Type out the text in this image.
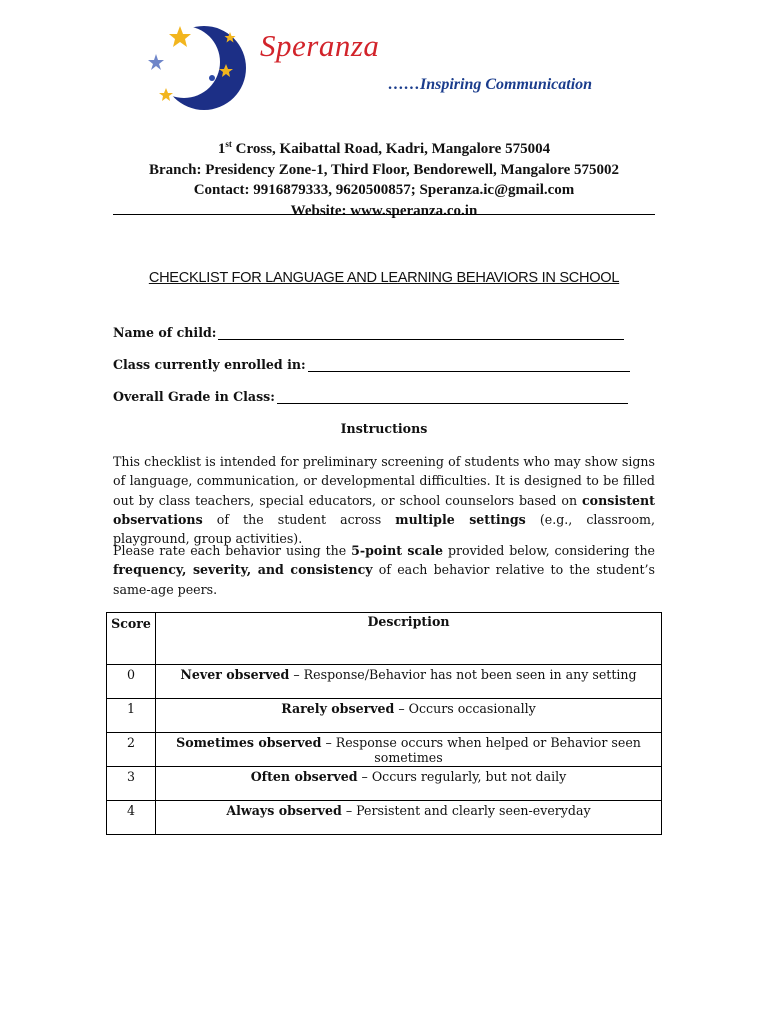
Speranza
……Inspiring Communication
1st Cross, Kaibattal Road, Kadri, Mangalore 575004
Branch: Presidency Zone-1, Third Floor, Bendorewell, Mangalore 575002
Contact: 9916879333, 9620500857; Speranza.ic@gmail.com
Website: www.speranza.co.in
CHECKLIST FOR LANGUAGE AND LEARNING BEHAVIORS IN SCHOOL
Name of child:
Class currently enrolled in:
Overall Grade in Class:
Instructions
This checklist is intended for preliminary screening of students who may show signs of language, communication, or developmental difficulties. It is designed to be filled out by class teachers, special educators, or school counselors based on consistent observations of the student across multiple settings (e.g., classroom, playground, group activities).
Please rate each behavior using the 5-point scale provided below, considering the frequency, severity, and consistency of each behavior relative to the student’s same-age peers.
Score	Description
0	Never observed – Response/Behavior has not been seen in any setting
1	Rarely observed – Occurs occasionally
2	Sometimes observed – Response occurs when helped or Behavior seen sometimes
3	Often observed – Occurs regularly, but not daily
4	Always observed – Persistent and clearly seen-everyday
